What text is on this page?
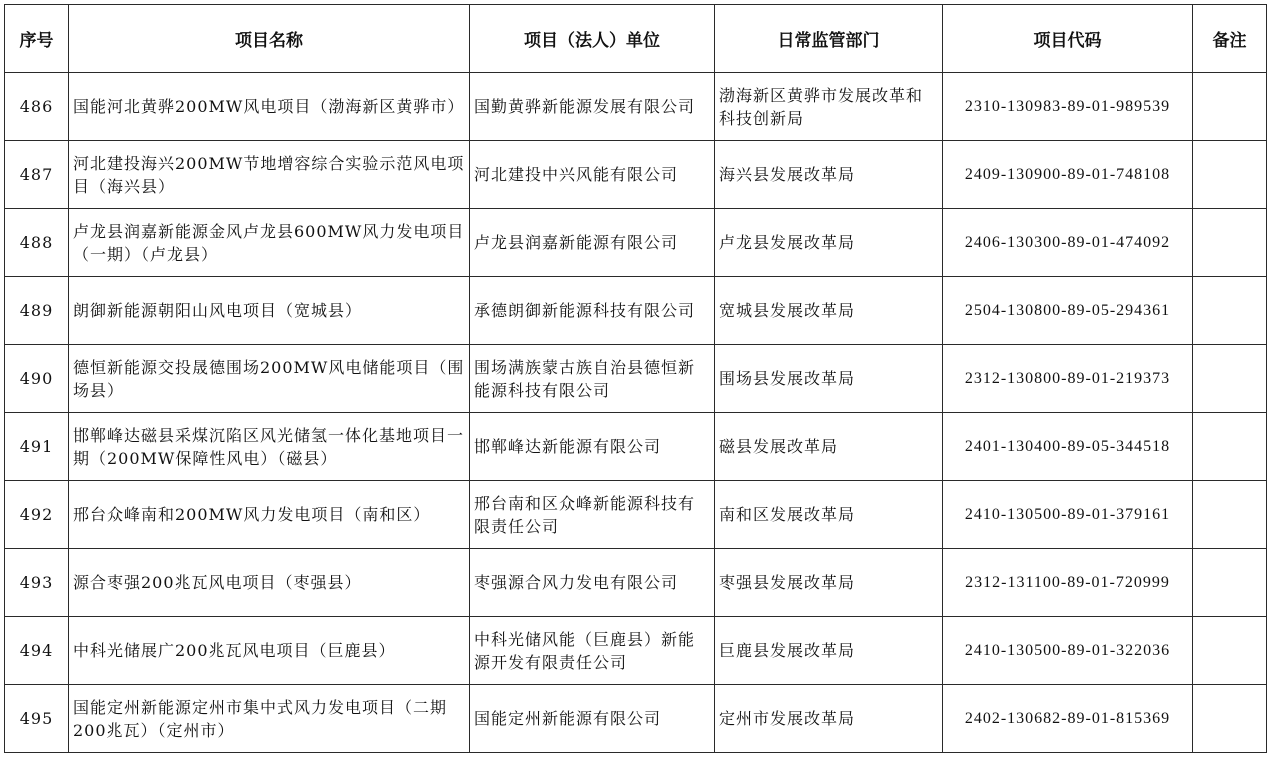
序号	项目名称	项目（法人）单位	日常监管部门	项目代码	备注
486	国能河北黄骅200MW风电项目（渤海新区黄骅市）	国勤黄骅新能源发展有限公司	渤海新区黄骅市发展改革和科技创新局	2310-130983-89-01-989539	
487	河北建投海兴200MW节地增容综合实验示范风电项目（海兴县）	河北建投中兴风能有限公司	海兴县发展改革局	2409-130900-89-01-748108	
488	卢龙县润嘉新能源金风卢龙县600MW风力发电项目（一期）（卢龙县）	卢龙县润嘉新能源有限公司	卢龙县发展改革局	2406-130300-89-01-474092	
489	朗御新能源朝阳山风电项目（宽城县）	承德朗御新能源科技有限公司	宽城县发展改革局	2504-130800-89-05-294361	
490	德恒新能源交投晟德围场200MW风电储能项目（围场县）	围场满族蒙古族自治县德恒新能源科技有限公司	围场县发展改革局	2312-130800-89-01-219373	
491	邯郸峰达磁县采煤沉陷区风光储氢一体化基地项目一期（200MW保障性风电）（磁县）	邯郸峰达新能源有限公司	磁县发展改革局	2401-130400-89-05-344518	
492	邢台众峰南和200MW风力发电项目（南和区）	邢台南和区众峰新能源科技有限责任公司	南和区发展改革局	2410-130500-89-01-379161	
493	源合枣强200兆瓦风电项目（枣强县）	枣强源合风力发电有限公司	枣强县发展改革局	2312-131100-89-01-720999	
494	中科光储展广200兆瓦风电项目（巨鹿县）	中科光储风能（巨鹿县）新能源开发有限责任公司	巨鹿县发展改革局	2410-130500-89-01-322036	
495	国能定州新能源定州市集中式风力发电项目（二期200兆瓦）（定州市）	国能定州新能源有限公司	定州市发展改革局	2402-130682-89-01-815369	
